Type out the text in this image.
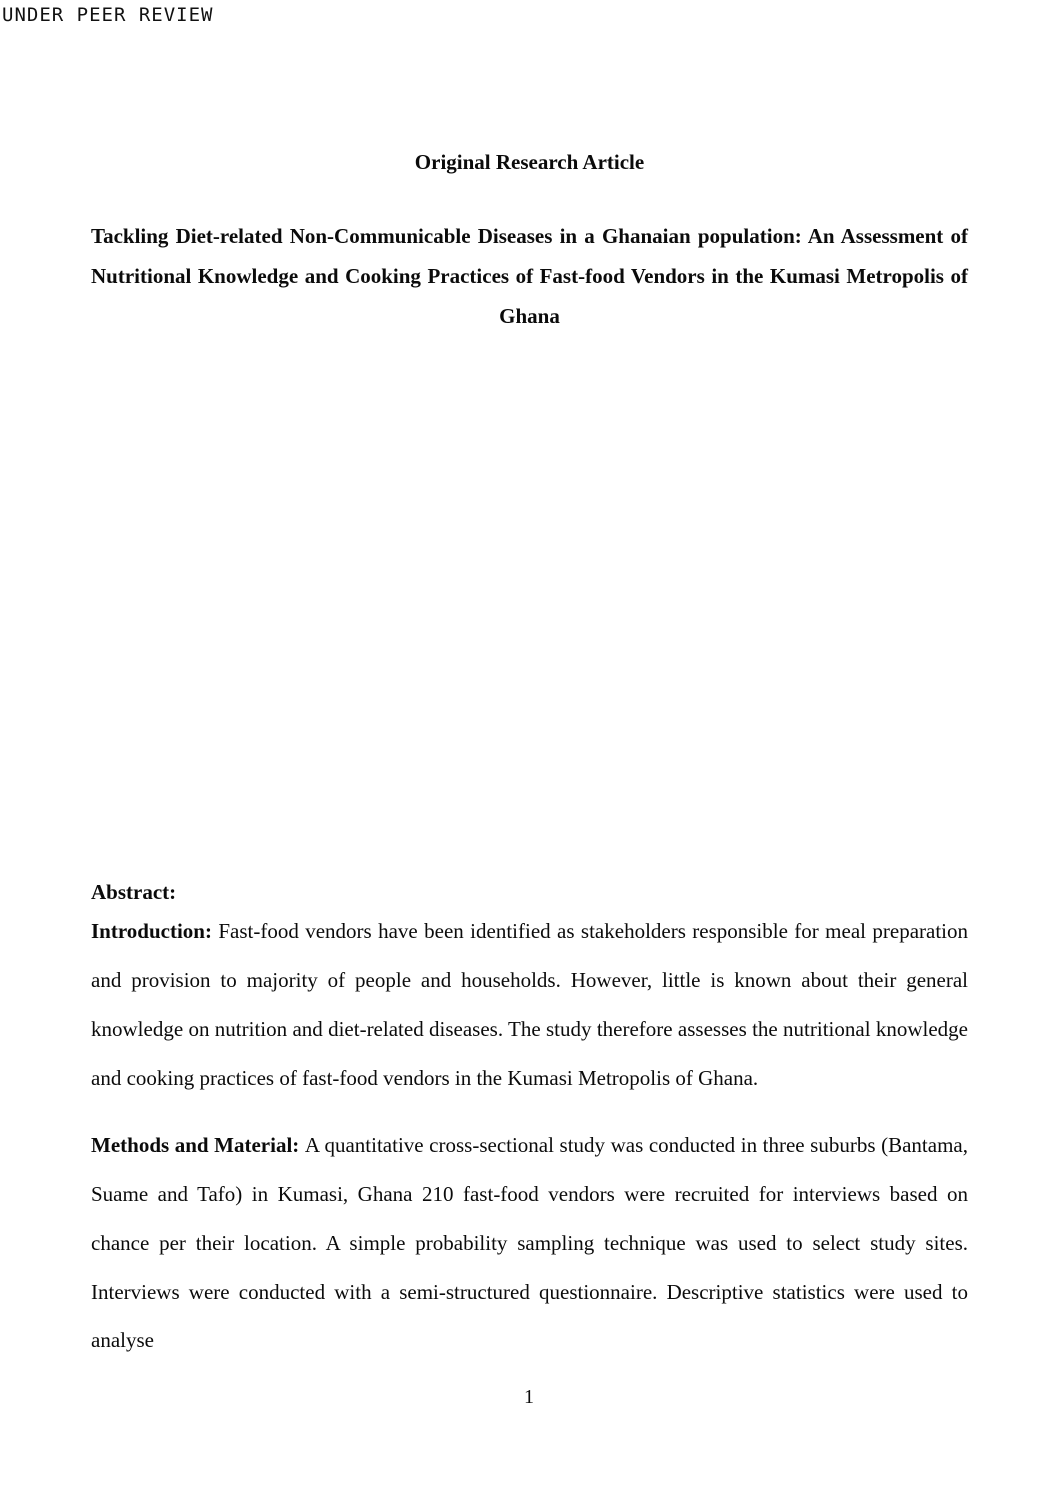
UNDER PEER REVIEW

Original Research Article

Tackling Diet-related Non-Communicable Diseases in a Ghanaian population: An Assessment of Nutritional Knowledge and Cooking Practices of Fast-food Vendors in the Kumasi Metropolis of Ghana

Abstract:

Introduction: Fast-food vendors have been identified as stakeholders responsible for meal preparation and provision to majority of people and households. However, little is known about their general knowledge on nutrition and diet-related diseases. The study therefore assesses the nutritional knowledge and cooking practices of fast-food vendors in the Kumasi Metropolis of Ghana.

Methods and Material: A quantitative cross-sectional study was conducted in three suburbs (Bantama, Suame and Tafo) in Kumasi, Ghana 210 fast-food vendors were recruited for interviews based on chance per their location. A simple probability sampling technique was used to select study sites. Interviews were conducted with a semi-structured questionnaire. Descriptive statistics were used to analyse

1
